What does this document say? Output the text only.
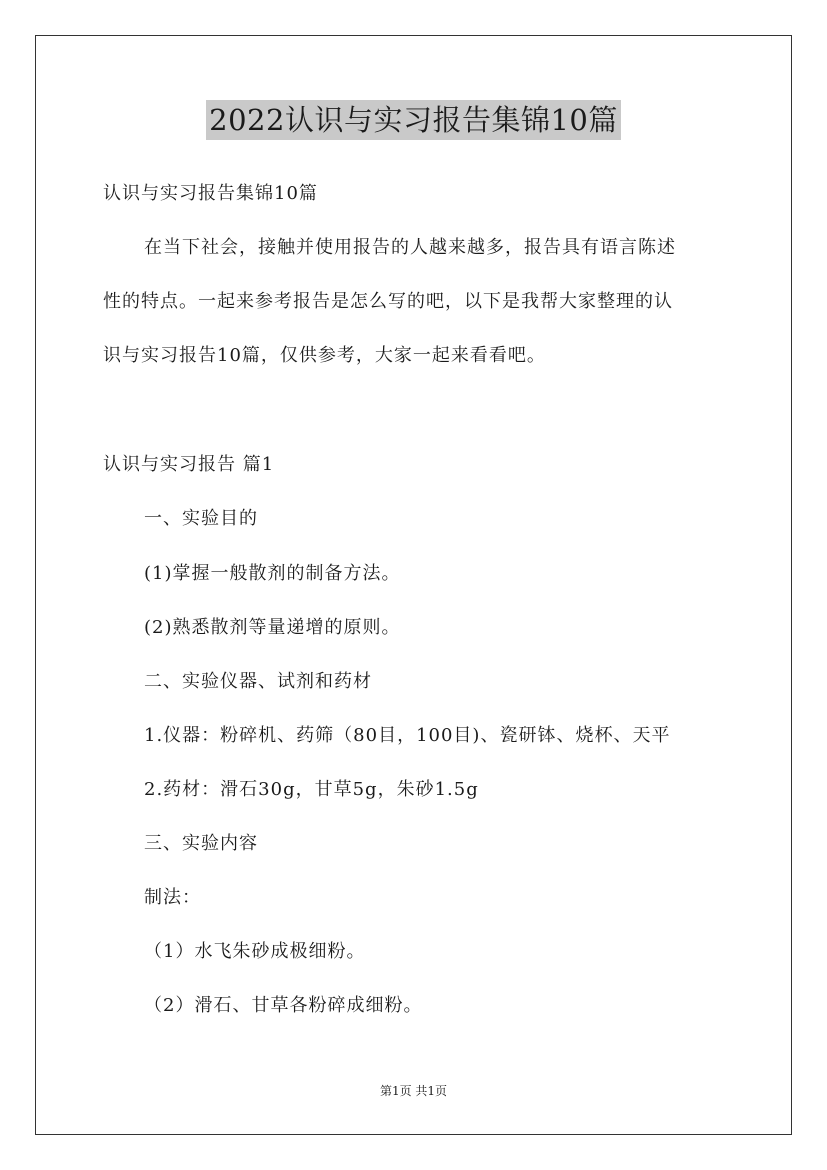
2022认识与实习报告集锦10篇
认识与实习报告集锦10篇
在当下社会，接触并使用报告的人越来越多，报告具有语言陈述
性的特点。一起来参考报告是怎么写的吧，以下是我帮大家整理的认
识与实习报告10篇，仅供参考，大家一起来看看吧。
认识与实习报告 篇1
一、实验目的
(1)掌握一般散剂的制备方法。
(2)熟悉散剂等量递增的原则。
二、实验仪器、试剂和药材
1.仪器：粉碎机、药筛（80目，100目)、瓷研钵、烧杯、天平
2.药材：滑石30g，甘草5g，朱砂1.5g
三、实验内容
制法：
（1）水飞朱砂成极细粉。
（2）滑石、甘草各粉碎成细粉。
第1页 共1页
